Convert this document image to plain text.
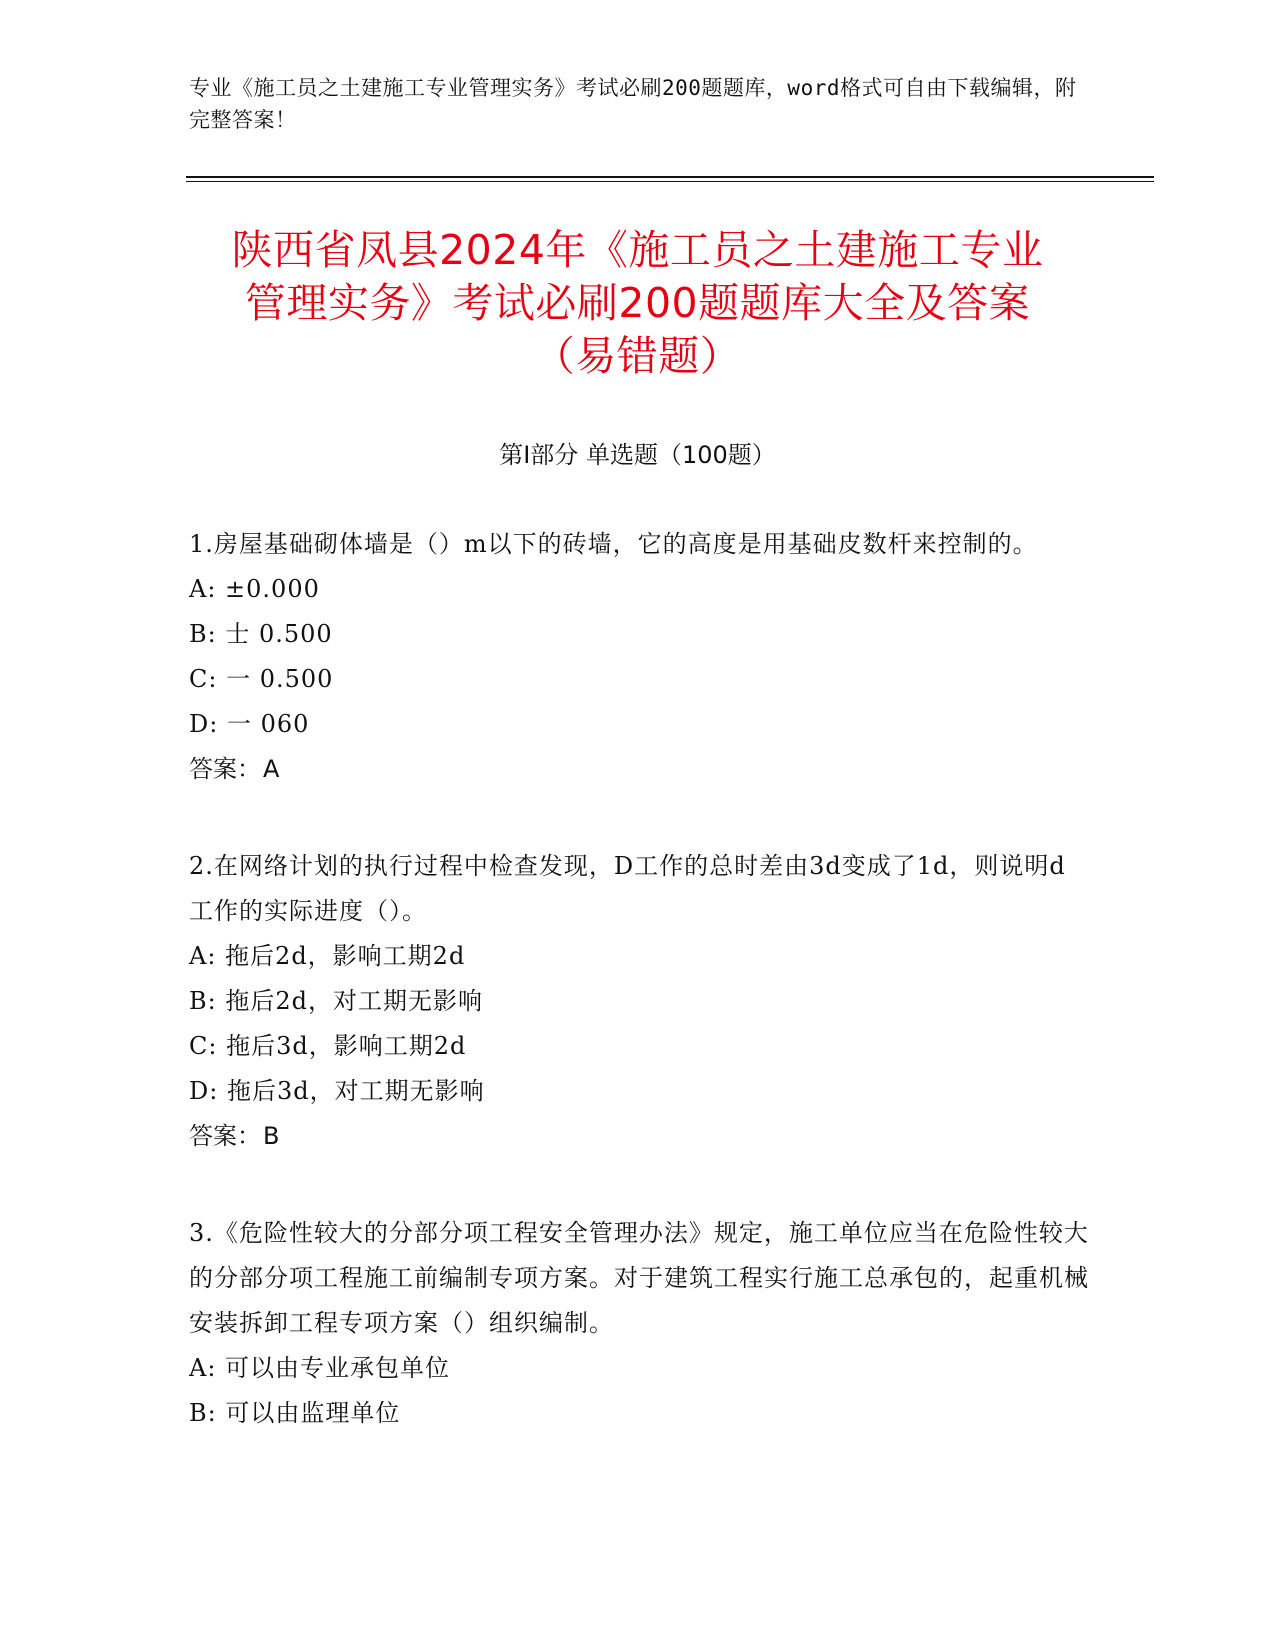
专业《施工员之土建施工专业管理实务》考试必刷200题题库，word格式可自由下载编辑，附完整答案！
陕西省凤县2024年《施工员之土建施工专业
管理实务》考试必刷200题题库大全及答案
（易错题）
第I部分 单选题（100题）
1.房屋基础砌体墙是（）m以下的砖墙，它的高度是用基础皮数杆来控制的。
A: ±0.000
B: 士 0.500
C: 一 0.500
D: 一 060
答案：A
2.在网络计划的执行过程中检查发现，D工作的总时差由3d变成了1d，则说明d工作的实际进度（）。
A: 拖后2d，影响工期2d
B: 拖后2d，对工期无影响
C: 拖后3d，影响工期2d
D: 拖后3d，对工期无影响
答案：B
3.《危险性较大的分部分项工程安全管理办法》规定，施工单位应当在危险性较大的分部分项工程施工前编制专项方案。对于建筑工程实行施工总承包的，起重机械安装拆卸工程专项方案（）组织编制。
A: 可以由专业承包单位
B: 可以由监理单位
